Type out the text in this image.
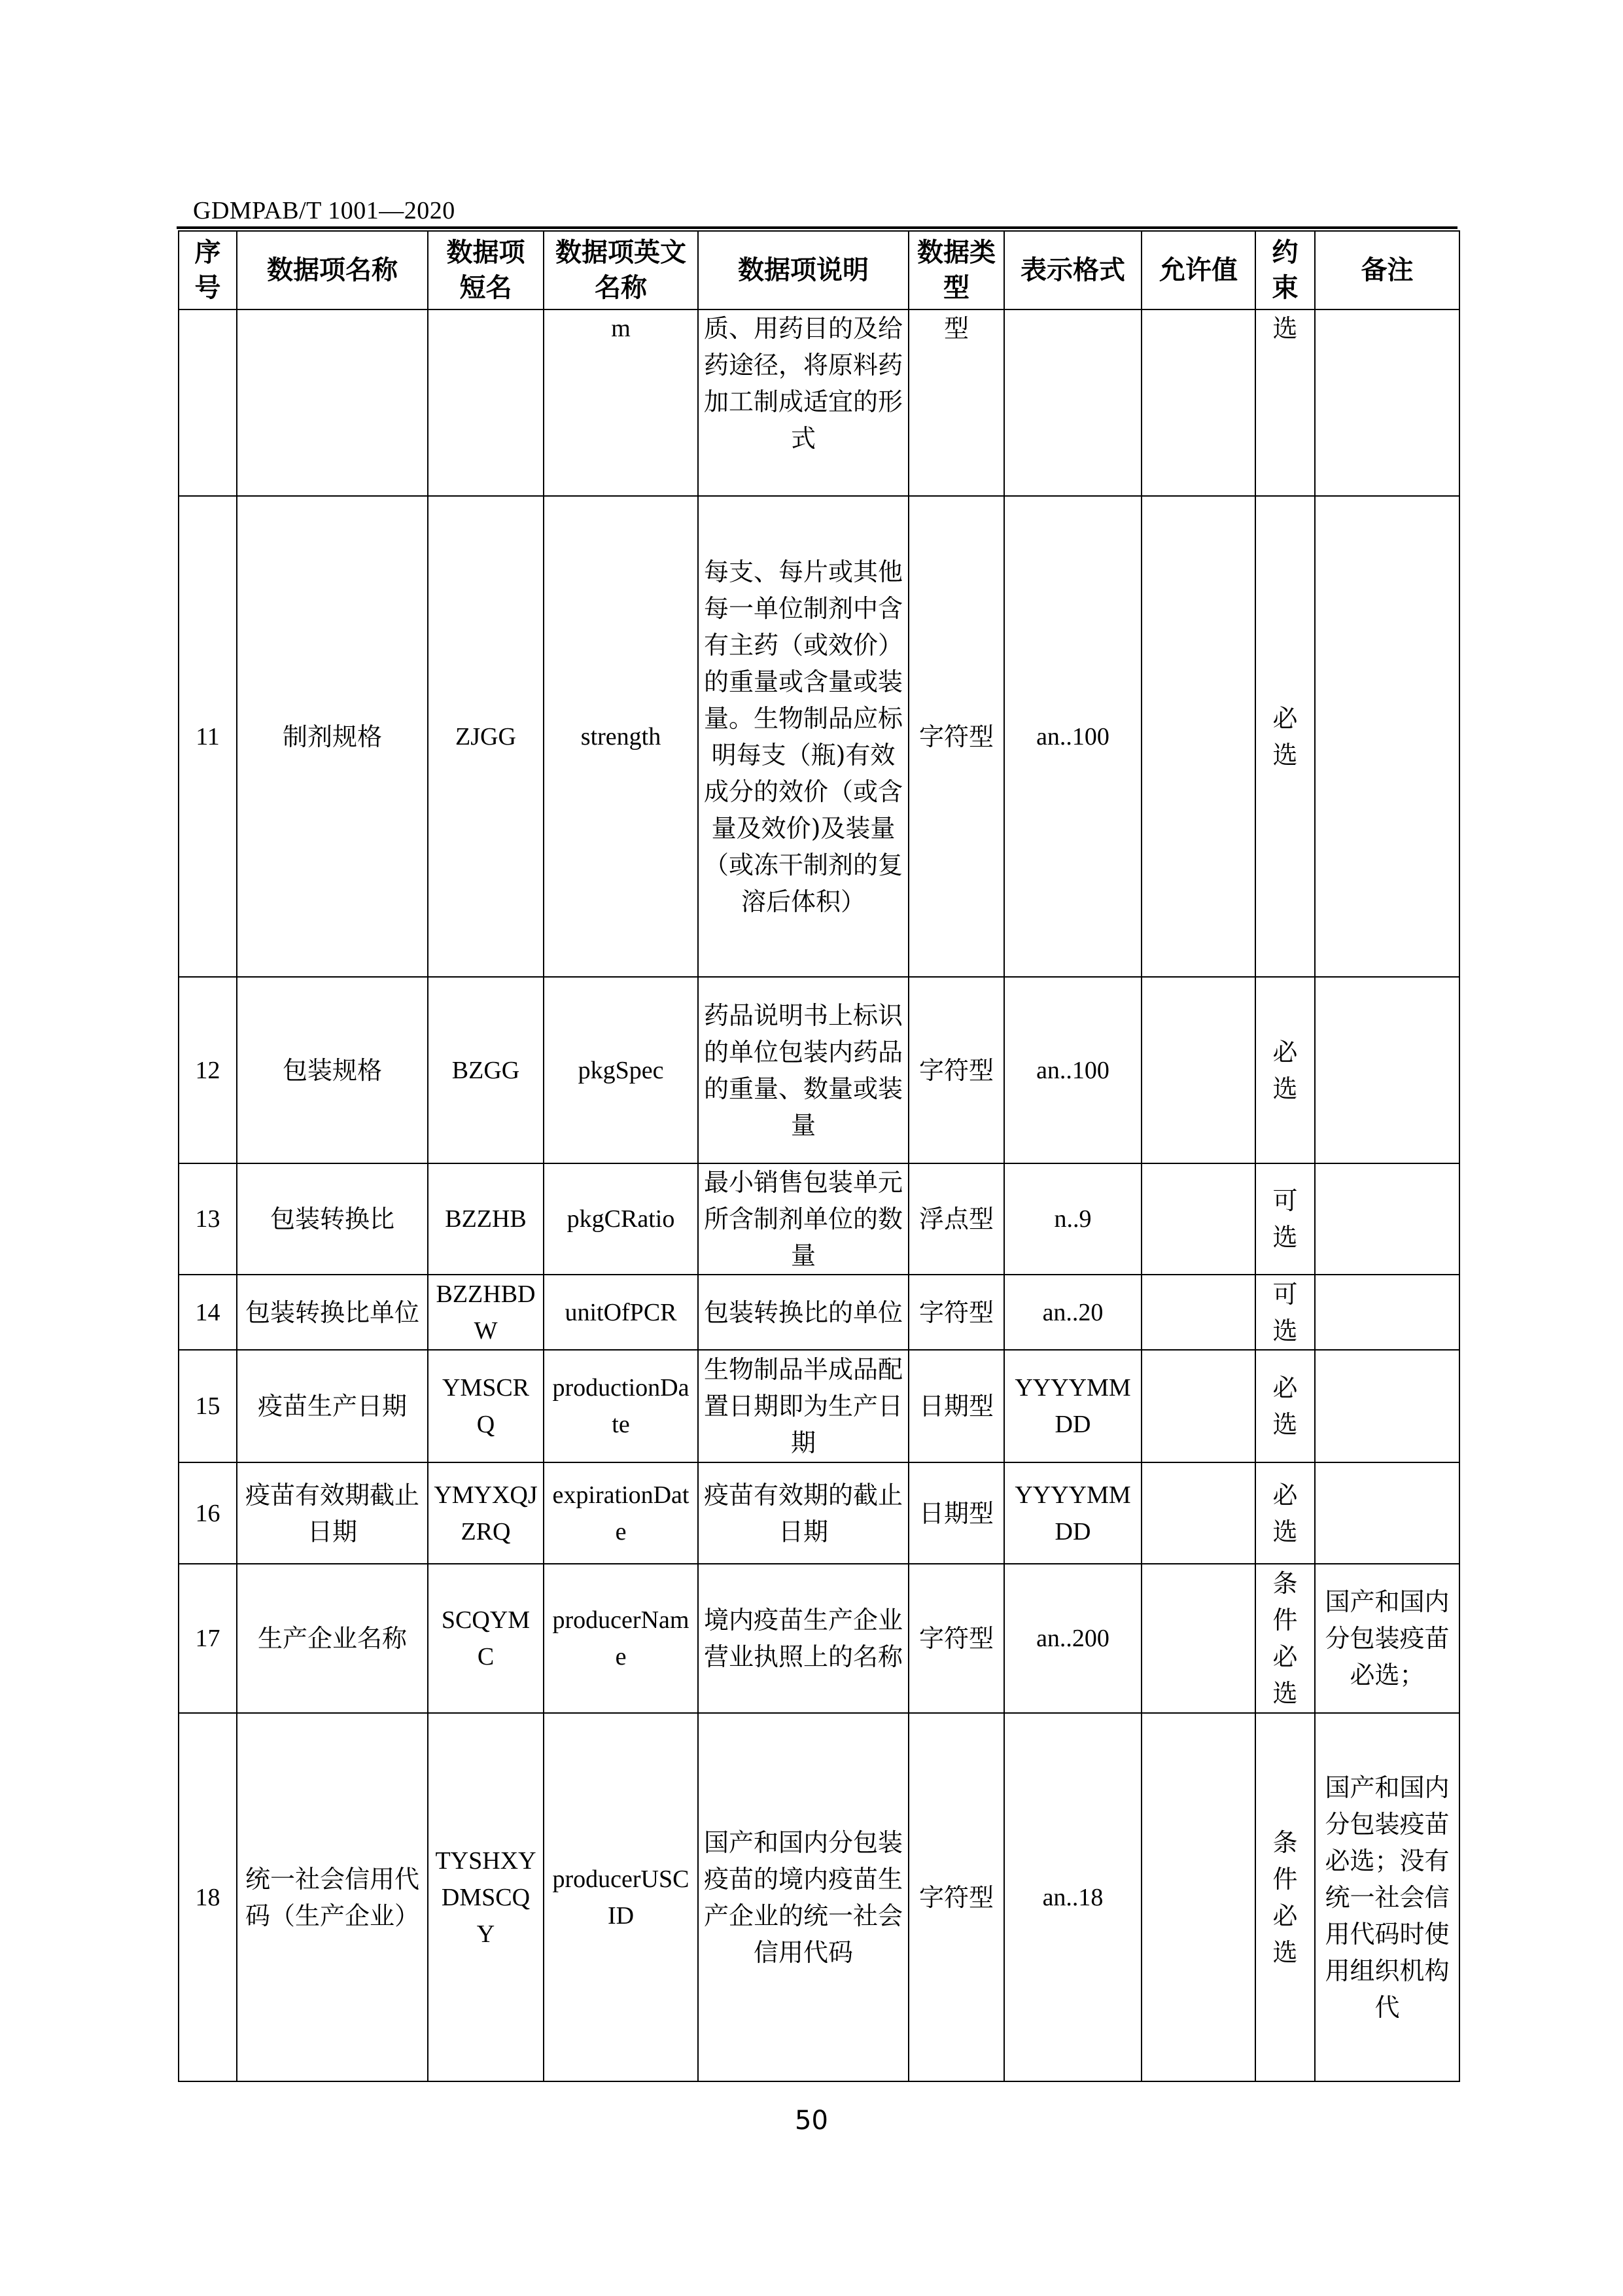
GDMPAB/T 1001—2020
序号	数据项名称	数据项短名	数据项英文名称	数据项说明	数据类型	表示格式	允许值	约束	备注
			m	质、用药目的及给药途径，将原料药加工制成适宜的形式	型			选	
11	制剂规格	ZJGG	strength	每支、每片或其他每一单位制剂中含有主药（或效价）的重量或含量或装量。生物制品应标明每支（瓶)有效成分的效价（或含量及效价)及装量（或冻干制剂的复溶后体积）	字符型	an..100		必选	
12	包装规格	BZGG	pkgSpec	药品说明书上标识的单位包装内药品的重量、数量或装量	字符型	an..100		必选	
13	包装转换比	BZZHB	pkgCRatio	最小销售包装单元所含制剂单位的数量	浮点型	n..9		可选	
14	包装转换比单位	BZZHBDW	unitOfPCR	包装转换比的单位	字符型	an..20		可选	
15	疫苗生产日期	YMSCRQ	productionDate	生物制品半成品配置日期即为生产日期	日期型	YYYYMMDD		必选	
16	疫苗有效期截止日期	YMYXQJZRQ	expirationDate	疫苗有效期的截止日期	日期型	YYYYMMDD		必选	
17	生产企业名称	SCQYMC	producerName	境内疫苗生产企业营业执照上的名称	字符型	an..200		条件必选	国产和国内分包装疫苗必选；
18	统一社会信用代码（生产企业）	TYSHXYDMSCQY	producerUSCID	国产和国内分包装疫苗的境内疫苗生产企业的统一社会信用代码	字符型	an..18		条件必选	国产和国内分包装疫苗必选；没有统一社会信用代码时使用组织机构代
50
